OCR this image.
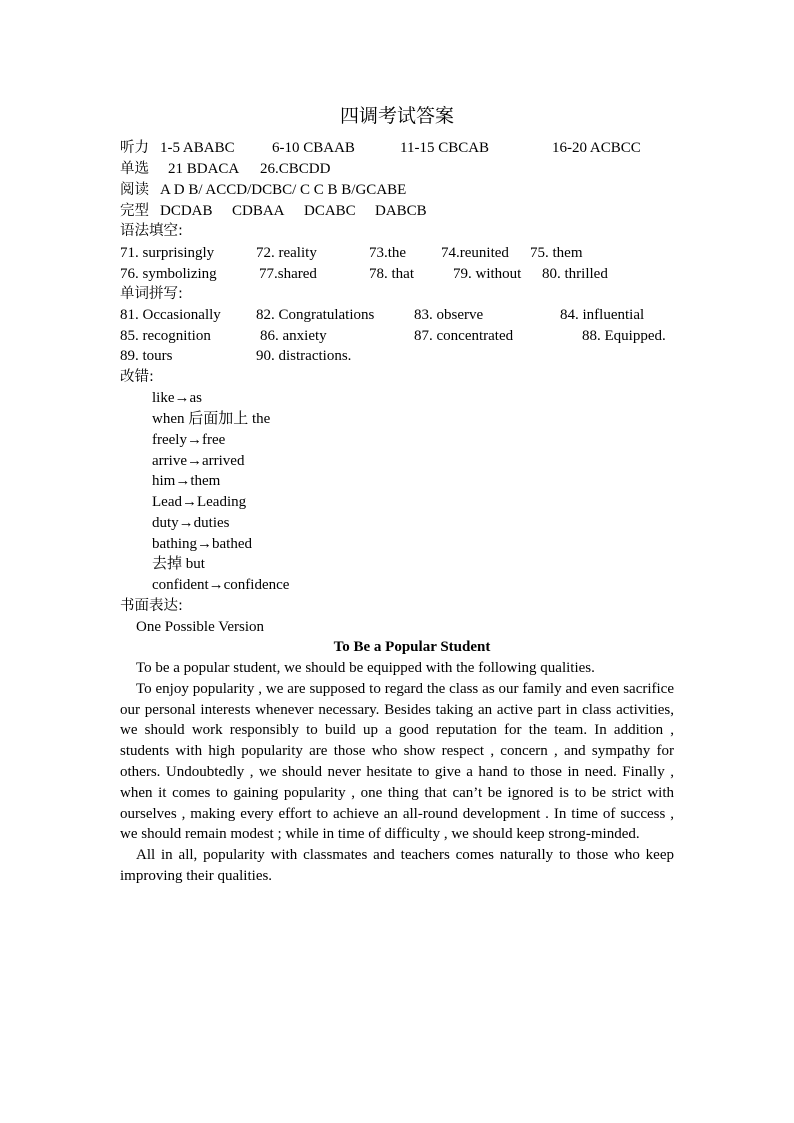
四调考试答案
听力 1-5 ABABC 6-10 CBAAB	11-15 CBCAB	16-20 ACBCC
单选 21 BDACA 26.CBCDD
阅读 A D B/ ACCD/DCBC/ C C B B/GCABE
完型 DCDAB CDBAA DCABC DABCB
语法填空:
71. surprisingly	72. reality	73.the 74.reunited 75. them
76. symbolizing	77.shared	78. that	79. without 80. thrilled
单词拼写:
81. Occasionally 82. Congratulations	83. observe	84. influential
85. recognition	86. anxiety	87. concentrated	88. Equipped.
89. tours	90. distractions.
改错:
like→as
when 后面加上 the
freely→free
arrive→arrived
him→them
Lead→Leading
duty→duties
bathing→bathed
去掉 but
confident→confidence
书面表达:
One Possible Version
To Be a Popular Student

To be a popular student, we should be equipped with the following qualities.

To enjoy popularity , we are supposed to regard the class as our family and even sacrifice our personal interests whenever necessary. Besides taking an active part in class activities, we should work responsibly to build up a good reputation for the team. In addition , students with high popularity are those who show respect , concern , and sympathy for others. Undoubtedly , we should never hesitate to give a hand to those in need. Finally , when it comes to gaining popularity , one thing that can’t be ignored is to be strict with ourselves , making every effort to achieve an all-round development . In time of success , we should remain modest ; while in time of difficulty , we should keep strong-minded.

All in all, popularity with classmates and teachers comes naturally to those who keep improving their qualities.
